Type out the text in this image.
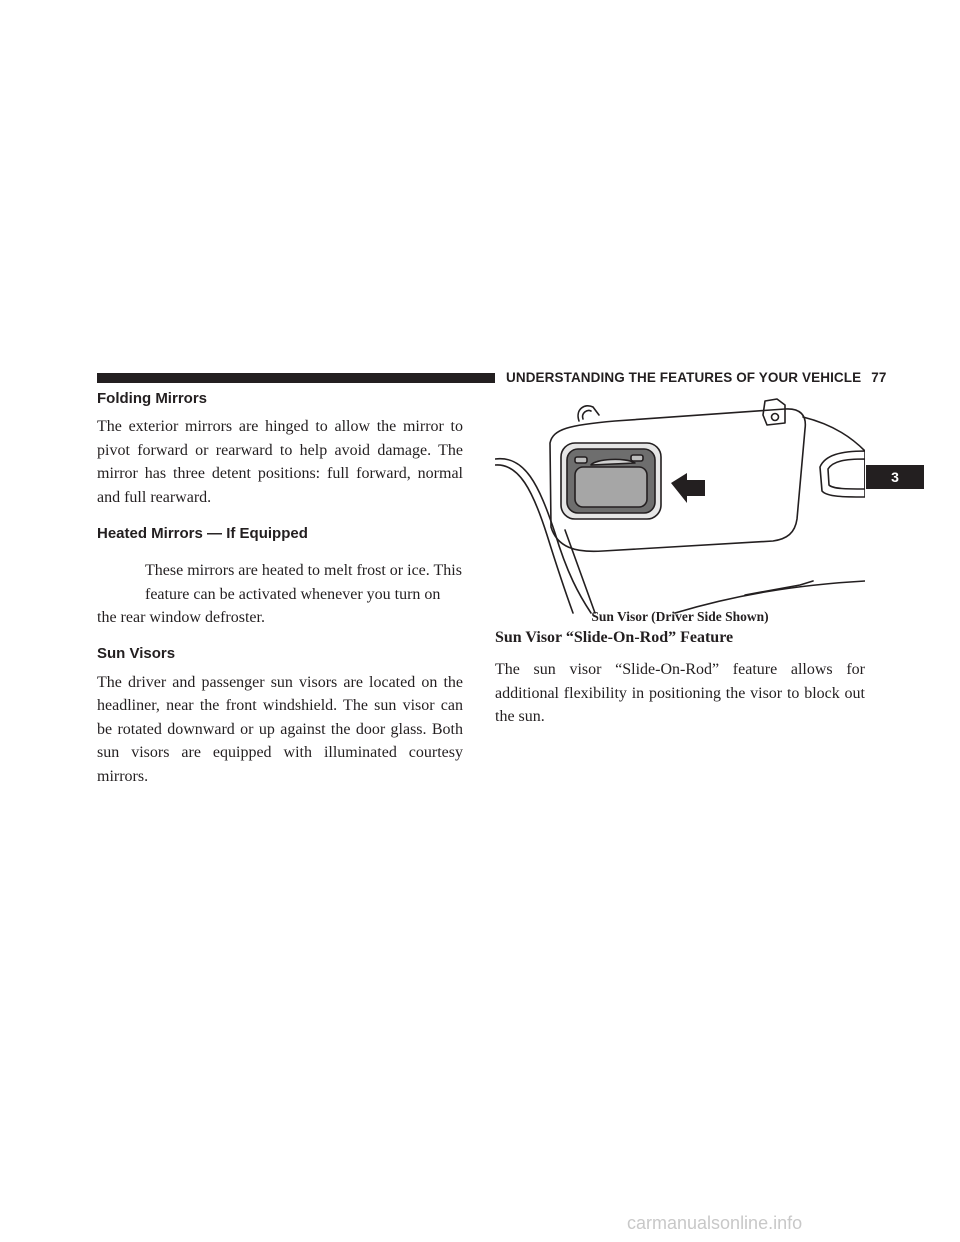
UNDERSTANDING THE FEATURES OF YOUR VEHICLE 77
Folding Mirrors

The exterior mirrors are hinged to allow the mirror to pivot forward or rearward to help avoid damage. The mirror has three detent positions: full forward, normal and full rearward.

Heated Mirrors — If Equipped

These mirrors are heated to melt frost or ice. This

feature can be activated whenever you turn on

the rear window defroster.

Sun Visors

The driver and passenger sun visors are located on the headliner, near the front windshield. The sun visor can be rotated downward or up against the door glass. Both sun visors are equipped with illuminated courtesy mirrors.

Sun Visor (Driver Side Shown)
Sun Visor “Slide-On-Rod” Feature

The sun visor “Slide-On-Rod” feature allows for additional flexibility in positioning the visor to block out the sun.

3
carmanualsonline.info
